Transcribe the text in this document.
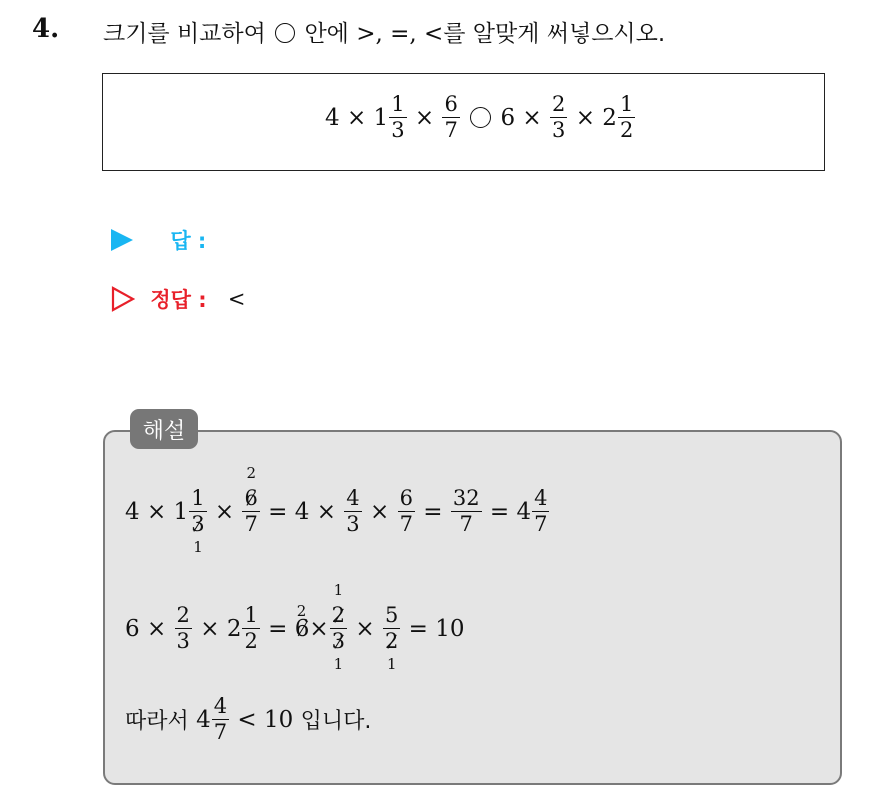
4. 크기를 비교하여 안에 >, =, <를 알맞게 써넣으시오.
$4 \times 1 \frac{1}{3} \times \frac{6}{7} 6 \times \frac{2}{3} \times 2 \frac{1}{2}$
답 :
정답 : <
해설
4 × 1
1
3
1
×
2
6
$7 = 4 \times \frac{4}{3} \times \frac{6}{7} = \frac{32}{7} = 4 \frac{4}{7}$
$6 \times \frac{2}{3} \times 2 \frac{1}{2}$ =
2
6×
1
2
3
1
×
5
2
1
= 10
따라서 $4 \frac{4}{7} < 10$ 입니다.
